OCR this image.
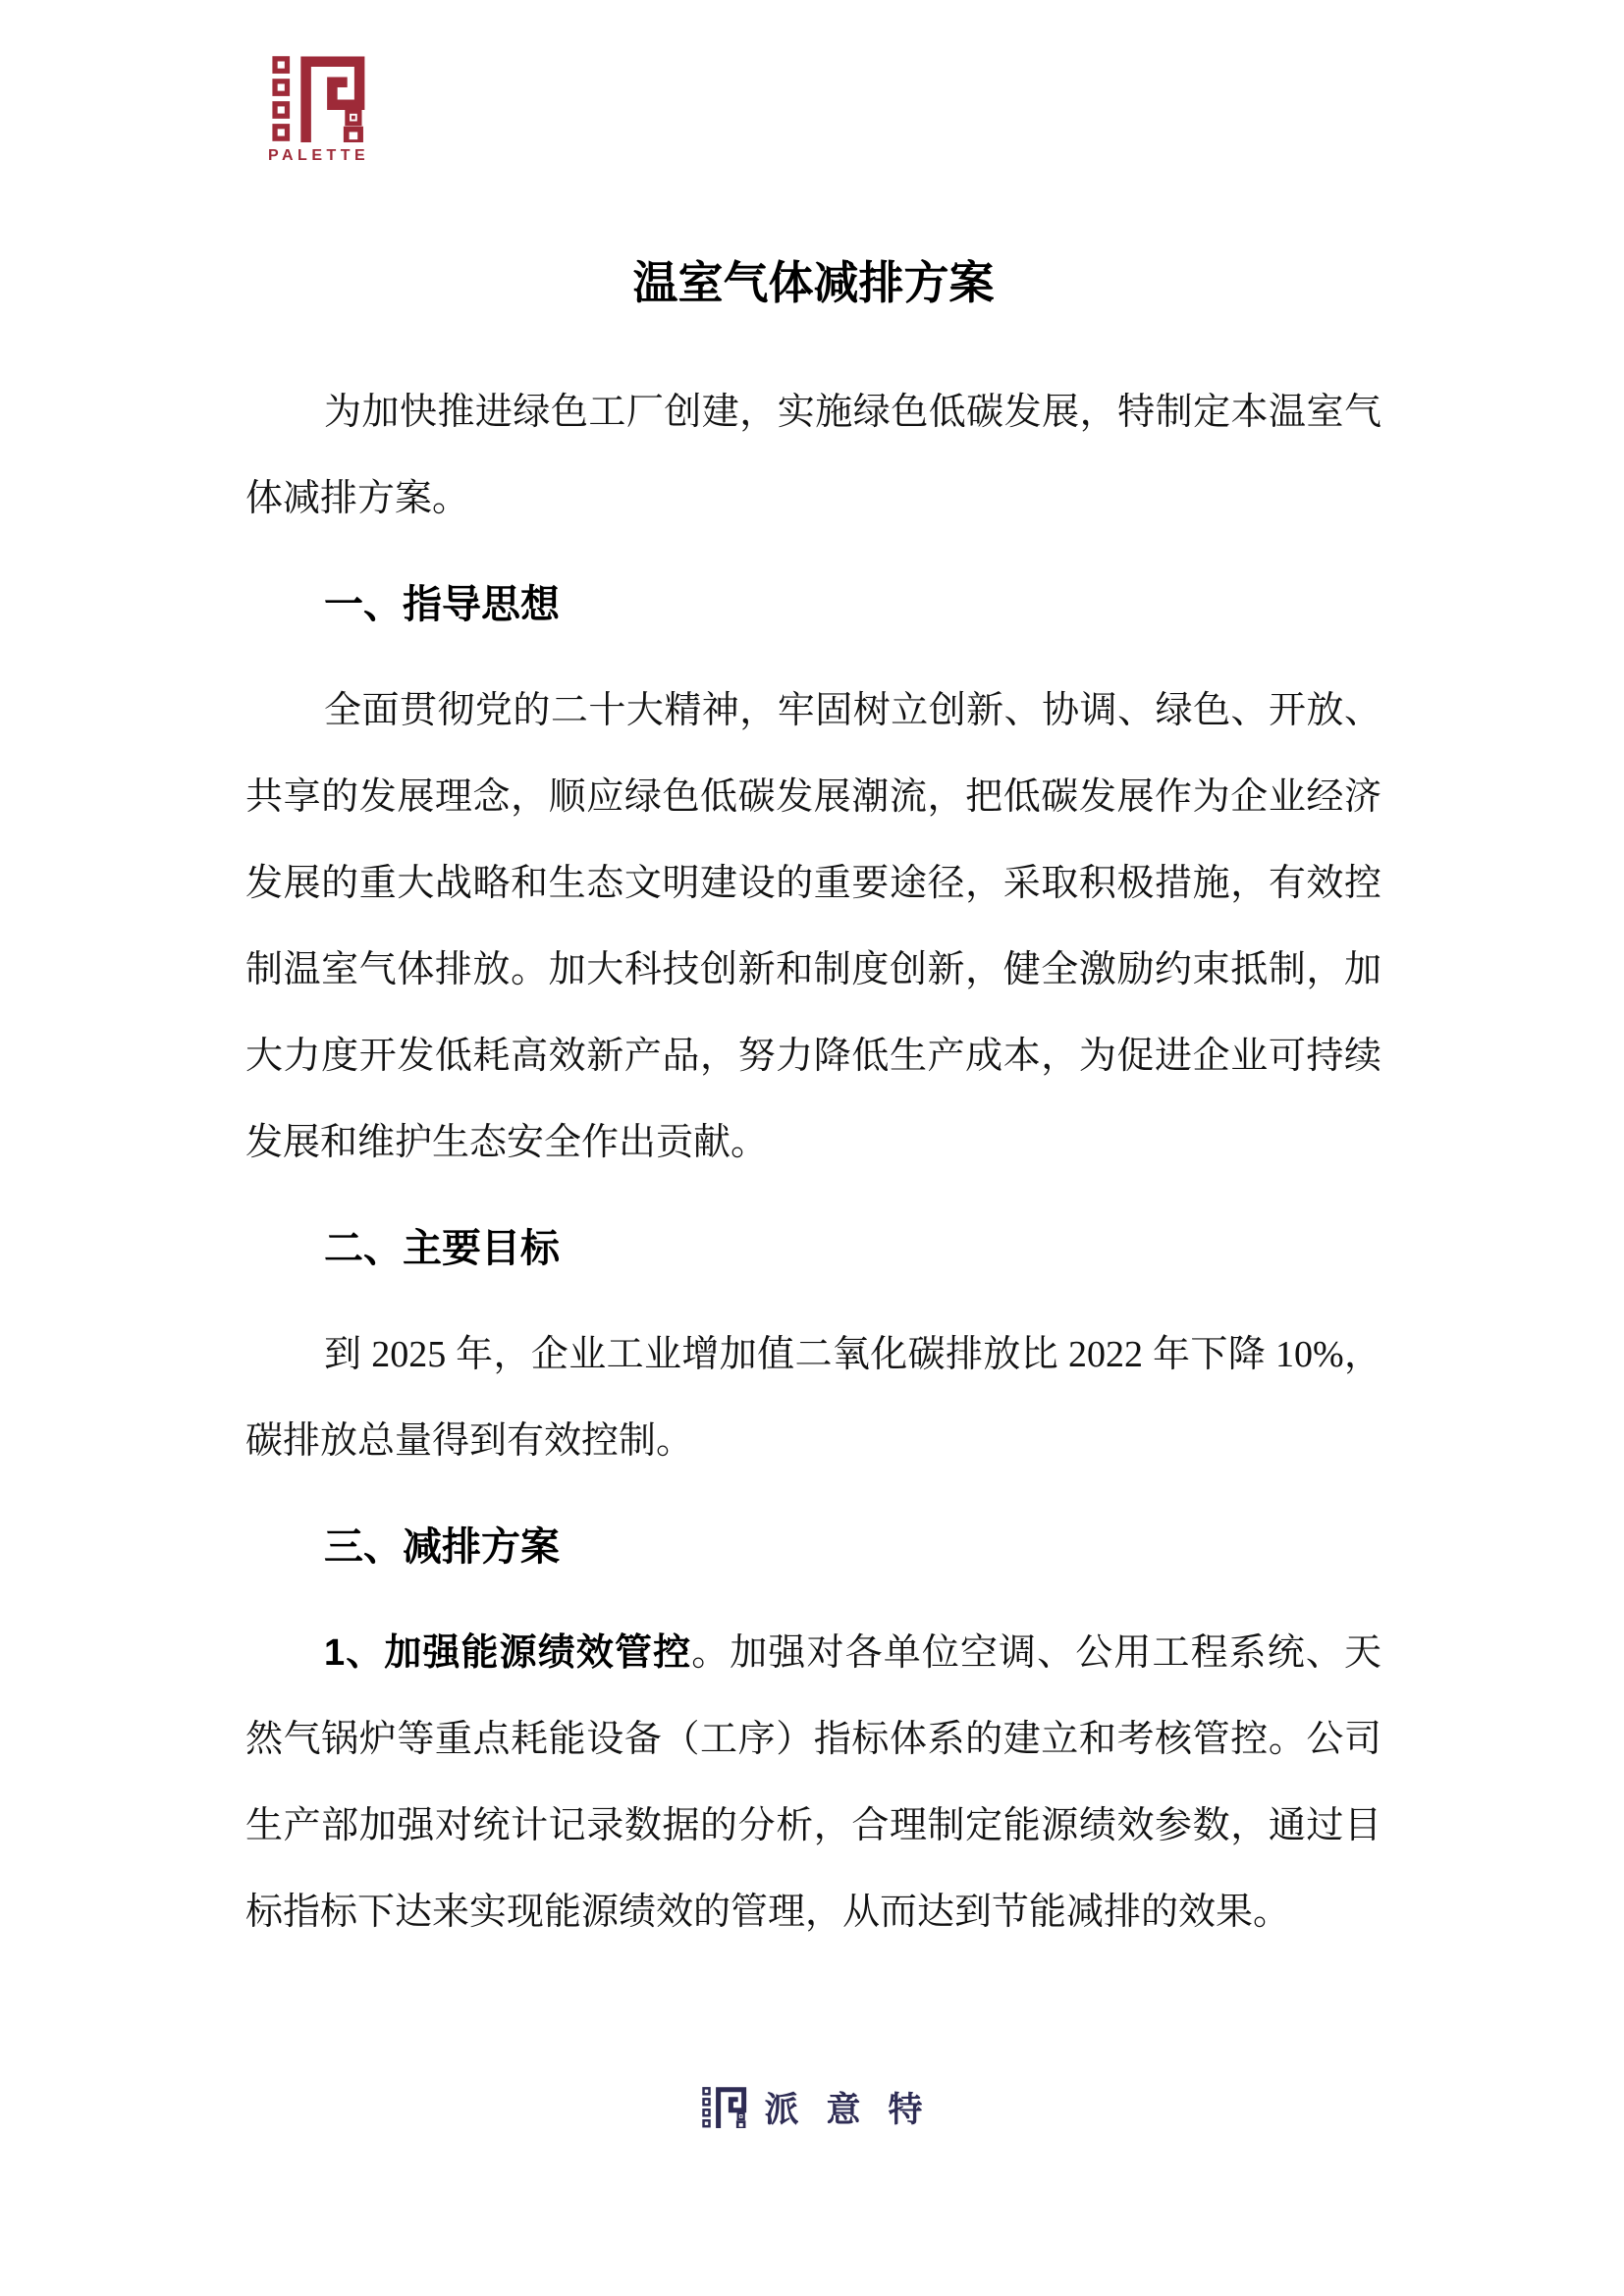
PALETTE
温室气体减排方案
为加快推进绿色工厂创建，实施绿色低碳发展，特制定本温室气
体减排方案。
一、指导思想
全面贯彻党的二十大精神，牢固树立创新、协调、绿色、开放、
共享的发展理念，顺应绿色低碳发展潮流，把低碳发展作为企业经济
发展的重大战略和生态文明建设的重要途径，采取积极措施，有效控
制温室气体排放。加大科技创新和制度创新，健全激励约束抵制，加
大力度开发低耗高效新产品，努力降低生产成本，为促进企业可持续
发展和维护生态安全作出贡献。
二、主要目标
到 2025 年，企业工业增加值二氧化碳排放比 2022 年下降 10%，
碳排放总量得到有效控制。
三、减排方案
1、加强能源绩效管控。加强对各单位空调、公用工程系统、天
然气锅炉等重点耗能设备（工序）指标体系的建立和考核管控。公司
生产部加强对统计记录数据的分析，合理制定能源绩效参数，通过目
标指标下达来实现能源绩效的管理，从而达到节能减排的效果。
派意特
